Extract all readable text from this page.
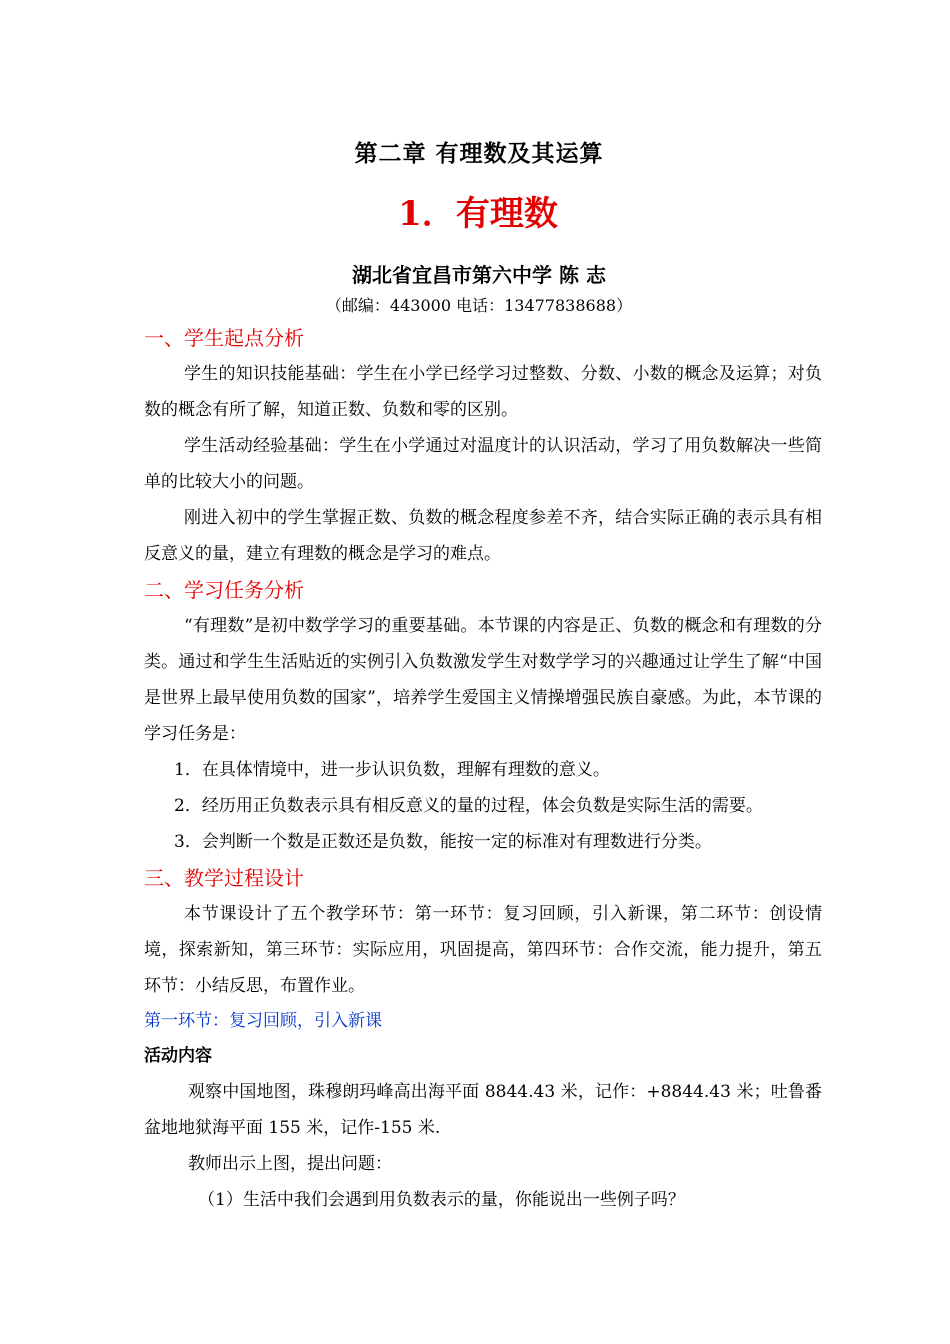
第二章 有理数及其运算
1．有理数
湖北省宜昌市第六中学 陈 志
（邮编：443000 电话：13477838688）
一、学生起点分析

学生的知识技能基础：学生在小学已经学习过整数、分数、小数的概念及运算；对负数的概念有所了解，知道正数、负数和零的区别。

学生活动经验基础：学生在小学通过对温度计的认识活动，学习了用负数解决一些简单的比较大小的问题。

刚进入初中的学生掌握正数、负数的概念程度参差不齐，结合实际正确的表示具有相反意义的量，建立有理数的概念是学习的难点。

二、学习任务分析

“有理数”是初中数学学习的重要基础。本节课的内容是正、负数的概念和有理数的分类。通过和学生生活贴近的实例引入负数激发学生对数学学习的兴趣通过让学生了解“中国是世界上最早使用负数的国家”，培养学生爱国主义情操增强民族自豪感。为此，本节课的学习任务是：

1．在具体情境中，进一步认识负数，理解有理数的意义。
2．经历用正负数表示具有相反意义的量的过程，体会负数是实际生活的需要。
3．会判断一个数是正数还是负数，能按一定的标准对有理数进行分类。
三、教学过程设计

本节课设计了五个教学环节：第一环节：复习回顾，引入新课，第二环节：创设情境，探索新知，第三环节：实际应用，巩固提高，第四环节：合作交流，能力提升，第五环节：小结反思，布置作业。

第一环节：复习回顾，引入新课
活动内容

观察中国地图，珠穆朗玛峰高出海平面 8844.43 米，记作：+8844.43 米；吐鲁番盆地地狱海平面 155 米，记作-155 米.

教师出示上图，提出问题：

（1）生活中我们会遇到用负数表示的量，你能说出一些例子吗？
